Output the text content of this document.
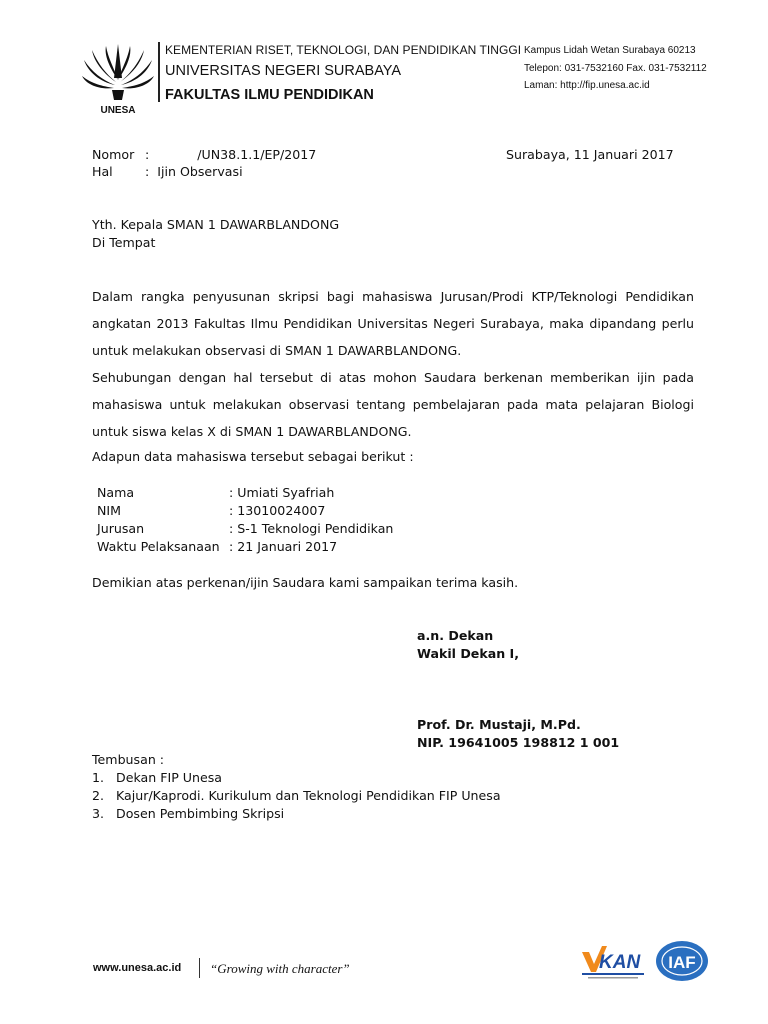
UNESA
KEMENTERIAN RISET, TEKNOLOGI, DAN PENDIDIKAN TINGGI
UNIVERSITAS NEGERI SURABAYA
FAKULTAS ILMU PENDIDIKAN
Kampus Lidah Wetan Surabaya 60213
Telepon: 031-7532160 Fax. 031-7532112
Laman: http://fip.unesa.ac.id
Nomor :            /UN38.1.1/EP/2017	Surabaya, 11 Januari 2017
Hal	:  Ijin Observasi
Yth. Kepala SMAN 1 DAWARBLANDONG
Di Tempat
Dalam rangka penyusunan skripsi bagi mahasiswa Jurusan/Prodi KTP/Teknologi Pendidikan angkatan 2013 Fakultas Ilmu Pendidikan Universitas Negeri Surabaya, maka dipandang perlu untuk melakukan observasi di SMAN 1 DAWARBLANDONG.
Sehubungan dengan hal tersebut di atas mohon Saudara berkenan memberikan ijin pada mahasiswa untuk melakukan observasi tentang pembelajaran pada mata pelajaran Biologi untuk siswa kelas X di SMAN 1 DAWARBLANDONG.
Adapun data mahasiswa tersebut sebagai berikut :
Nama	: Umiati Syafriah
NIM	: 13010024007
Jurusan	: S-1 Teknologi Pendidikan
Waktu Pelaksanaan : 21 Januari 2017
Demikian atas perkenan/ijin Saudara kami sampaikan terima kasih.
a.n. Dekan
Wakil Dekan I,
Prof. Dr. Mustaji, M.Pd.
NIP. 19641005 198812 1 001
Tembusan :
1.   Dekan FIP Unesa
2.   Kajur/Kaprodi. Kurikulum dan Teknologi Pendidikan FIP Unesa
3.   Dosen Pembimbing Skripsi
www.unesa.ac.id “Growing with character”	KAN IAF
